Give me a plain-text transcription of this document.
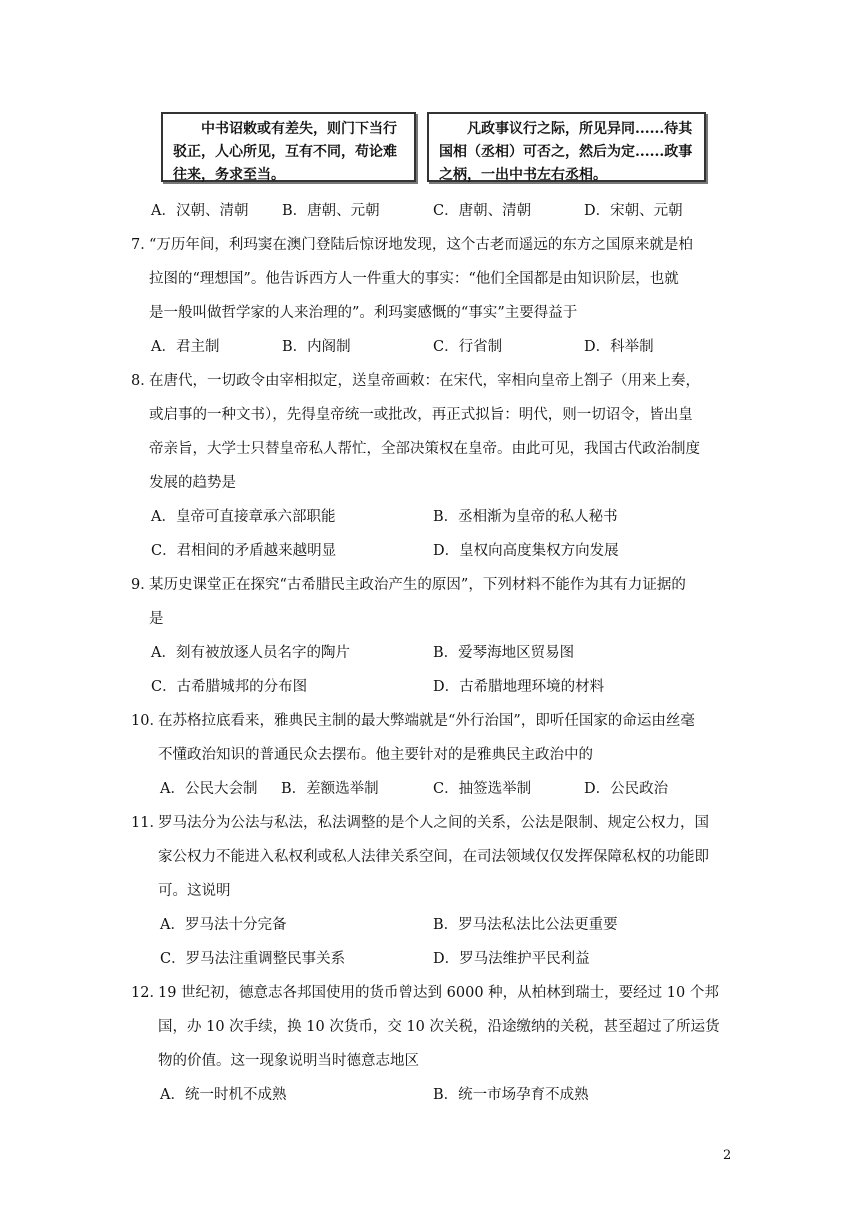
中书诏敕或有差失，则门下当行驳正，人心所见，互有不同，苟论难往来，务求至当。
凡政事议行之际，所见异同......待其国相（丞相）可否之，然后为定......政事之柄，一出中书左右丞相。
A．汉朝、清朝 B．唐朝、元朝	C．唐朝、清朝	D．宋朝、元朝
7．
“万历年间，利玛窦在澳门登陆后惊讶地发现，这个古老而遥远的东方之国原来就是柏
拉图的“理想国”。他告诉西方人一件重大的事实：“他们全国都是由知识阶层，也就
是一般叫做哲学家的人来治理的”。利玛窦感慨的“事实”主要得益于
A．君主制	B．内阁制	C．行省制	D．科举制
8．
在唐代，一切政令由宰相拟定，送皇帝画敕：在宋代，宰相向皇帝上劄子（用来上奏，
或启事的一种文书），先得皇帝统一或批改，再正式拟旨：明代，则一切诏令，皆出皇
帝亲旨，大学士只替皇帝私人帮忙，全部决策权在皇帝。由此可见，我国古代政治制度
发展的趋势是
A．皇帝可直接章承六部职能	B．丞相渐为皇帝的私人秘书
C．君相间的矛盾越来越明显	D．皇权向高度集权方向发展
9．
某历史课堂正在探究“古希腊民主政治产生的原因”，下列材料不能作为其有力证据的
是
A．刻有被放逐人员名字的陶片	B．爱琴海地区贸易图
C．古希腊城邦的分布图	D．古希腊地理环境的材料
10．
在苏格拉底看来，雅典民主制的最大弊端就是“外行治国”，即听任国家的命运由丝毫
不懂政治知识的普通民众去摆布。他主要针对的是雅典民主政治中的
A．公民大会制 B．差额选举制	C．抽签选举制	D．公民政治
11．
罗马法分为公法与私法，私法调整的是个人之间的关系，公法是限制、规定公权力，国
家公权力不能进入私权利或私人法律关系空间，在司法领域仅仅发挥保障私权的功能即
可。这说明
A．罗马法十分完备	B．罗马法私法比公法更重要
C．罗马法注重调整民事关系	D．罗马法维护平民利益
12．
19 世纪初，德意志各邦国使用的货币曾达到 6000 种，从柏林到瑞士，要经过 10 个邦
国，办 10 次手续，换 10 次货币，交 10 次关税，沿途缴纳的关税，甚至超过了所运货
物的价值。这一现象说明当时德意志地区
A．统一时机不成熟	B．统一市场孕育不成熟
2
